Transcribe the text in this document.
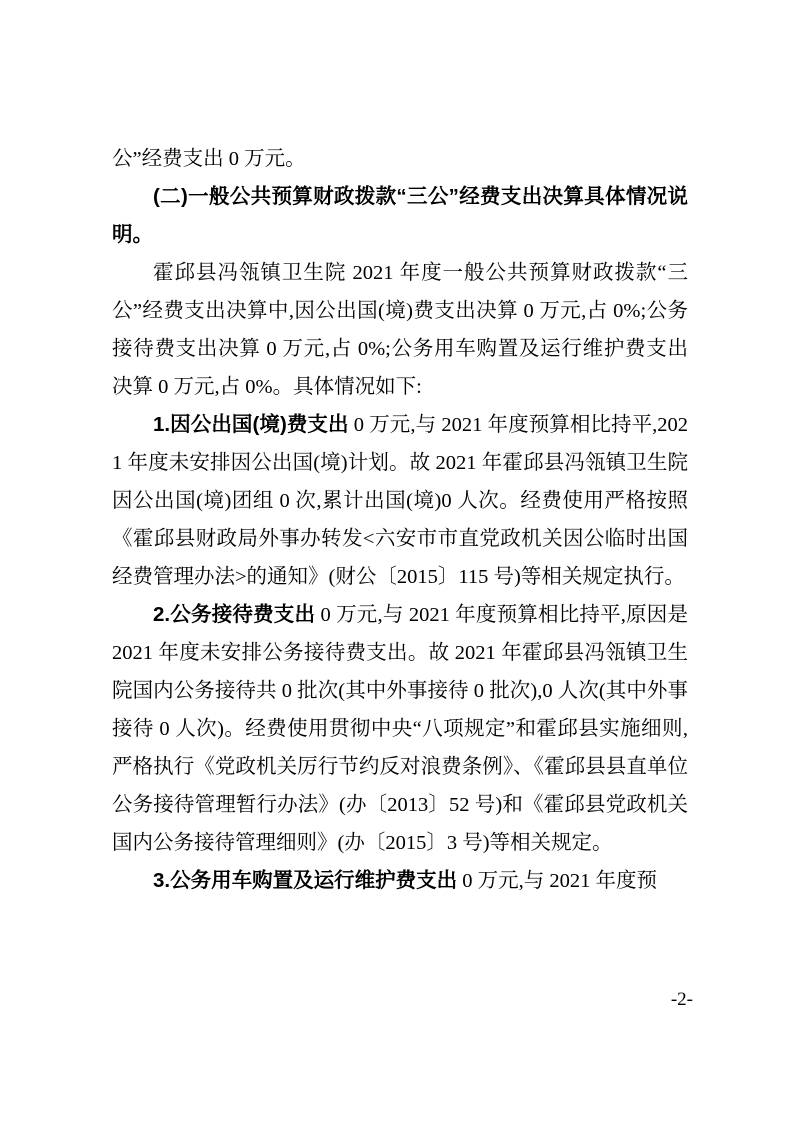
公”经费支出 0 万元。

(二)一般公共预算财政拨款“三公”经费支出决算具体情况说明。

霍邱县冯瓴镇卫生院 2021 年度一般公共预算财政拨款“三公”经费支出决算中,因公出国(境)费支出决算 0 万元,占 0%;公务接待费支出决算 0 万元,占 0%;公务用车购置及运行维护费支出决算 0 万元,占 0%。具体情况如下:

1.因公出国(境)费支出 0 万元,与 2021 年度预算相比持平,2021 年度未安排因公出国(境)计划。故 2021 年霍邱县冯瓴镇卫生院因公出国(境)团组 0 次,累计出国(境)0 人次。经费使用严格按照《霍邱县财政局外事办转发<六安市市直党政机关因公临时出国经费管理办法>的通知》(财公〔2015〕115 号)等相关规定执行。

2.公务接待费支出 0 万元,与 2021 年度预算相比持平,原因是 2021 年度未安排公务接待费支出。故 2021 年霍邱县冯瓴镇卫生院国内公务接待共 0 批次(其中外事接待 0 批次),0 人次(其中外事接待 0 人次)。经费使用贯彻中央“八项规定”和霍邱县实施细则,严格执行《党政机关厉行节约反对浪费条例》、《霍邱县县直单位公务接待管理暂行办法》(办〔2013〕52 号)和《霍邱县党政机关国内公务接待管理细则》(办〔2015〕3 号)等相关规定。

3.公务用车购置及运行维护费支出 0 万元,与 2021 年度预

-2-
